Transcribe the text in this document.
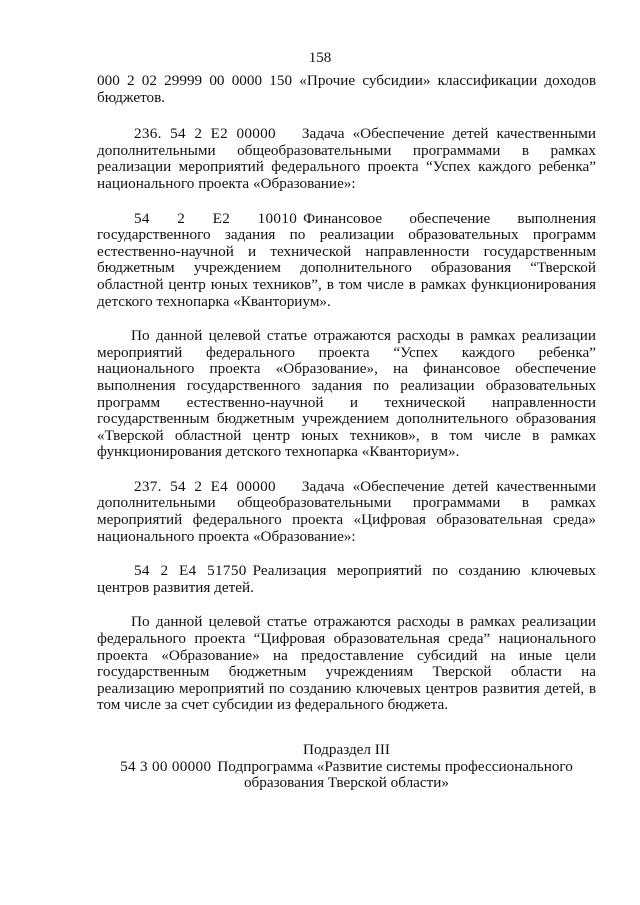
158

000 2 02 29999 00 0000 150 «Прочие субсидии» классификации доходов бюджетов.

236. 54 2 E2 00000 Задача «Обеспечение детей качественными дополнительными общеобразовательными программами в рамках реализации мероприятий федерального проекта “Успех каждого ребенка” национального проекта «Образование»:

54 2 E2 10010 Финансовое обеспечение выполнения государственного задания по реализации образовательных программ естественно-научной и технической направленности государственным бюджетным учреждением дополнительного образования “Тверской областной центр юных техников”, в том числе в рамках функционирования детского технопарка «Кванториум».

По данной целевой статье отражаются расходы в рамках реализации мероприятий федерального проекта “Успех каждого ребенка” национального проекта «Образование», на финансовое обеспечение выполнения государственного задания по реализации образовательных программ естественно-научной и технической направленности государственным бюджетным учреждением дополнительного образования «Тверской областной центр юных техников», в том числе в рамках функционирования детского технопарка «Кванториум».

237. 54 2 E4 00000 Задача «Обеспечение детей качественными дополнительными общеобразовательными программами в рамках мероприятий федерального проекта «Цифровая образовательная среда» национального проекта «Образование»:

54 2 E4 51750 Реализация мероприятий по созданию ключевых центров развития детей.

По данной целевой статье отражаются расходы в рамках реализации федерального проекта “Цифровая образовательная среда” национального проекта «Образование» на предоставление субсидий на иные цели государственным бюджетным учреждениям Тверской области на реализацию мероприятий по созданию ключевых центров развития детей, в том числе за счет субсидии из федерального бюджета.

Подраздел III
54 3 00 00000 Подпрограмма «Развитие системы профессионального
образования Тверской области»
